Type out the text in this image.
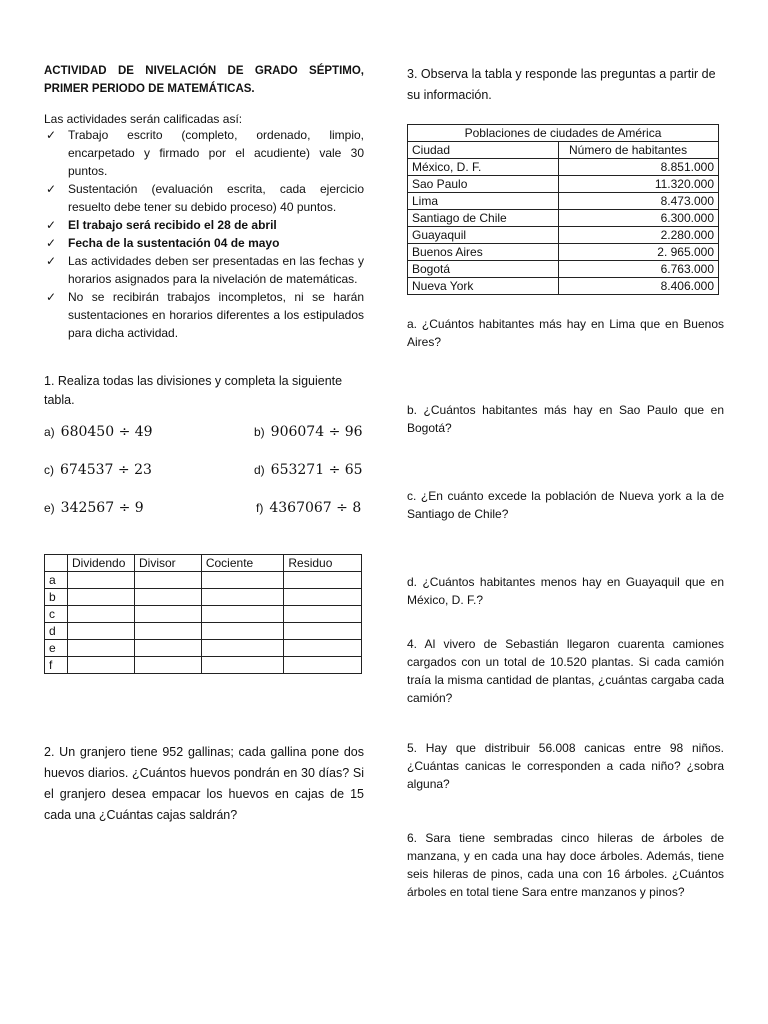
ACTIVIDAD DE NIVELACIÓN DE GRADO SÉPTIMO, PRIMER PERIODO DE MATEMÁTICAS.
Las actividades serán calificadas así:
✓ Trabajo escrito (completo, ordenado, limpio, encarpetado y firmado por el acudiente) vale 30 puntos.
✓ Sustentación (evaluación escrita, cada ejercicio resuelto debe tener su debido proceso) 40 puntos.
✓ El trabajo será recibido el 28 de abril
✓ Fecha de la sustentación 04 de mayo
✓ Las actividades deben ser presentadas en las fechas y horarios asignados para la nivelación de matemáticas.
✓ No se recibirán trabajos incompletos, ni se harán sustentaciones en horarios diferentes a los estipulados para dicha actividad.
1. Realiza todas las divisiones y completa la siguiente tabla.
a) 680450 ÷ 49	b) 906074 ÷ 96
c) 674537 ÷ 23	d) 653271 ÷ 65
e) 342567 ÷ 9	f) 4367067 ÷ 8
	Dividendo	Divisor	Cociente	Residuo
a				
b				
c				
d				
e				
f				
2. Un granjero tiene 952 gallinas; cada gallina pone dos huevos diarios. ¿Cuántos huevos pondrán en 30 días? Si el granjero desea empacar los huevos en cajas de 15 cada una ¿Cuántas cajas saldrán?
3. Observa la tabla y responde las preguntas a partir de su información.
Poblaciones de ciudades de América	
Ciudad	Número de habitantes
México, D. F.	8.851.000
Sao Paulo	11.320.000
Lima	8.473.000
Santiago de Chile	6.300.000
Guayaquil	2.280.000
Buenos Aires	2. 965.000
Bogotá	6.763.000
Nueva York	8.406.000
a. ¿Cuántos habitantes más hay en Lima que en Buenos Aires?
b. ¿Cuántos habitantes más hay en Sao Paulo que en Bogotá?
c. ¿En cuánto excede la población de Nueva york a la de Santiago de Chile?
d. ¿Cuántos habitantes menos hay en Guayaquil que en México, D. F.?
4. Al vivero de Sebastián llegaron cuarenta camiones cargados con un total de 10.520 plantas. Si cada camión traía la misma cantidad de plantas, ¿cuántas cargaba cada camión?
5. Hay que distribuir 56.008 canicas entre 98 niños. ¿Cuántas canicas le corresponden a cada niño? ¿sobra alguna?
6. Sara tiene sembradas cinco hileras de árboles de manzana, y en cada una hay doce árboles. Además, tiene seis hileras de pinos, cada una con 16 árboles. ¿Cuántos árboles en total tiene Sara entre manzanos y pinos?
